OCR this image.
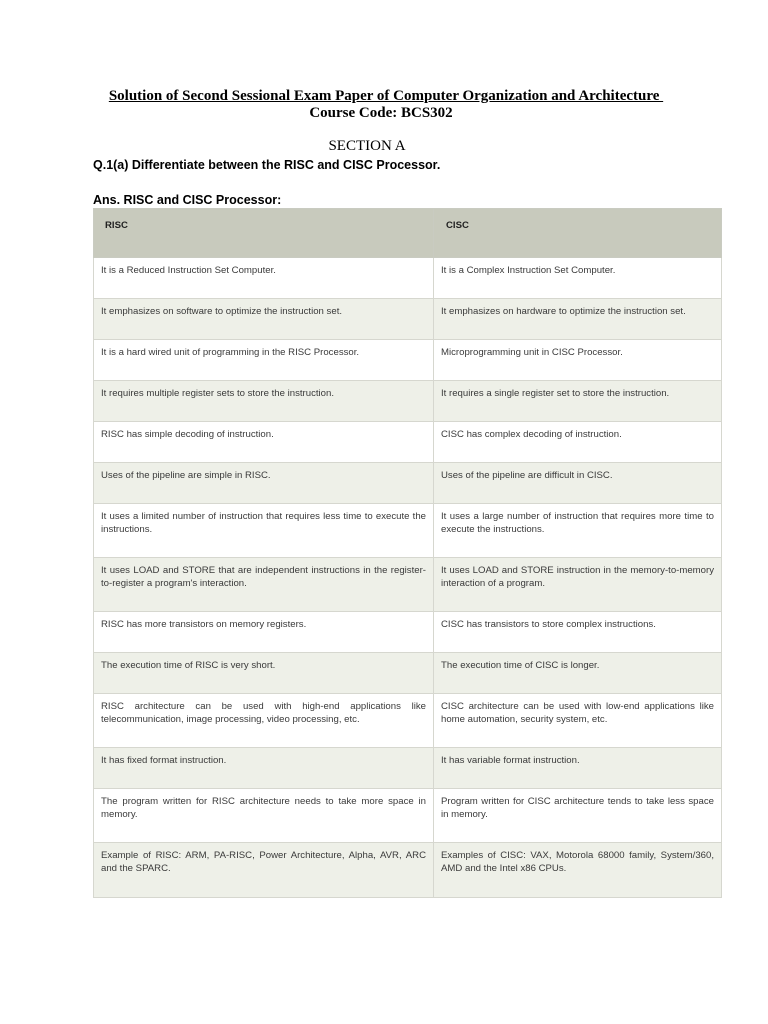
Solution of Second Sessional Exam Paper of Computer Organization and Architecture
Course Code: BCS302
SECTION A
Q.1(a) Differentiate between the RISC and CISC Processor.
Ans. RISC and CISC Processor:
RISC	CISC
It is a Reduced Instruction Set Computer.	It is a Complex Instruction Set Computer.
It emphasizes on software to optimize the instruction set.	It emphasizes on hardware to optimize the instruction set.
It is a hard wired unit of programming in the RISC Processor.	Microprogramming unit in CISC Processor.
It requires multiple register sets to store the instruction.	It requires a single register set to store the instruction.
RISC has simple decoding of instruction.	CISC has complex decoding of instruction.
Uses of the pipeline are simple in RISC.	Uses of the pipeline are difficult in CISC.
It uses a limited number of instruction that requires less time to execute the instructions.	It uses a large number of instruction that requires more time to execute the instructions.
It uses LOAD and STORE that are independent instructions in the register-to-register a program's interaction.	It uses LOAD and STORE instruction in the memory-to-memory interaction of a program.
RISC has more transistors on memory registers.	CISC has transistors to store complex instructions.
The execution time of RISC is very short.	The execution time of CISC is longer.
RISC architecture can be used with high-end applications like telecommunication, image processing, video processing, etc.	CISC architecture can be used with low-end applications like home automation, security system, etc.
It has fixed format instruction.	It has variable format instruction.
The program written for RISC architecture needs to take more space in memory.	Program written for CISC architecture tends to take less space in memory.
Example of RISC: ARM, PA-RISC, Power Architecture, Alpha, AVR, ARC and the SPARC.	Examples of CISC: VAX, Motorola 68000 family, System/360, AMD and the Intel x86 CPUs.
